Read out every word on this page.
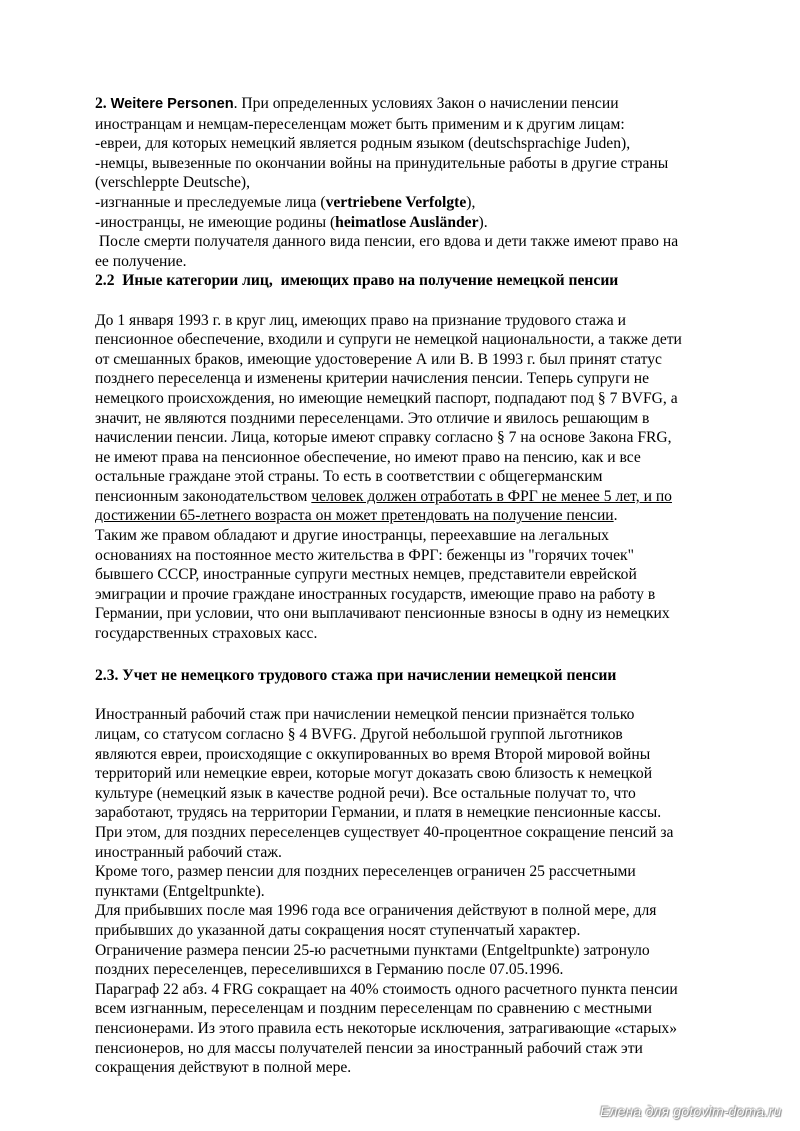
2. Weitere Personen. При определенных условиях Закон о начислении пенсии
иностранцам и немцам-переселенцам может быть применим и к другим лицам:
-евреи, для которых немецкий является родным языком (deutschsprachige Juden),
-немцы, вывезенные по окончании войны на принудительные работы в другие страны
(verschleppte Deutsche),
-изгнанные и преследуемые лица (vertriebene Verfolgte),
-иностранцы, не имеющие родины (heimatlose Ausländer).
После смерти получателя данного вида пенсии, его вдова и дети также имеют право на
ее получение.
2.2  Иные категории лиц,  имеющих право на получение немецкой пенсии
До 1 января 1993 г. в круг лиц, имеющих право на признание трудового стажа и
пенсионное обеспечение, входили и супруги не немецкой национальности, а также дети
от смешанных браков, имеющие удостоверение А или В. В 1993 г. был принят статус
позднего переселенца и изменены критерии начисления пенсии. Теперь супруги не
немецкого происхождения, но имеющие немецкий паспорт, подпадают под § 7 BVFG, а
значит, не являются поздними переселенцами. Это отличие и явилось решающим в
начислении пенсии. Лица, которые имеют справку согласно § 7 на основе Закона FRG,
не имеют права на пенсионное обеспечение, но имеют право на пенсию, как и все
остальные граждане этой страны. То есть в соответствии с общегерманским
пенсионным законодательством человек должен отработать в ФРГ не менее 5 лет, и по
достижении 65-летнего возраста он может претендовать на получение пенсии.
Таким же правом обладают и другие иностранцы, переехавшие на легальных
основаниях на постоянное место жительства в ФРГ: беженцы из "горячих точек"
бывшего СССР, иностранные супруги местных немцев, представители еврейской
эмиграции и прочие граждане иностранных государств, имеющие право на работу в
Германии, при условии, что они выплачивают пенсионные взносы в одну из немецких
государственных страховых касс.
2.3. Учет не немецкого трудового стажа при начислении немецкой пенсии
Иностранный рабочий стаж при начислении немецкой пенсии признаётся только
лицам, со статусом согласно § 4 BVFG. Другой небольшой группой льготников
являются евреи, происходящие с оккупированных во время Второй мировой войны
территорий или немецкие евреи, которые могут доказать свою близость к немецкой
культуре (немецкий язык в качестве родной речи). Все остальные получат то, что
заработают, трудясь на территории Германии, и платя в немецкие пенсионные кассы.
При этом, для поздних переселенцев существует 40-процентное сокращение пенсий за
иностранный рабочий стаж.
Кроме того, размер пенсии для поздних переселенцев ограничен 25 рассчетными
пунктами (Entgeltpunkte).
Для прибывших после мая 1996 года все ограничения действуют в полной мере, для
прибывших до указанной даты сокращения носят ступенчатый характер.
Ограничение размера пенсии 25-ю расчетными пунктами (Entgeltpunkte) затронуло
поздних переселенцев, переселившихся в Германию после 07.05.1996.
Параграф 22 абз. 4 FRG сокращает на 40% стоимость одного расчетного пункта пенсии
всем изгнанным, переселенцам и поздним переселенцам по сравнению с местными
пенсионерами. Из этого правила есть некоторые исключения, затрагивающие «старых»
пенсионеров, но для массы получателей пенсии за иностранный рабочий стаж эти
сокращения действуют в полной мере.
Елена для gotovim-doma.ru
